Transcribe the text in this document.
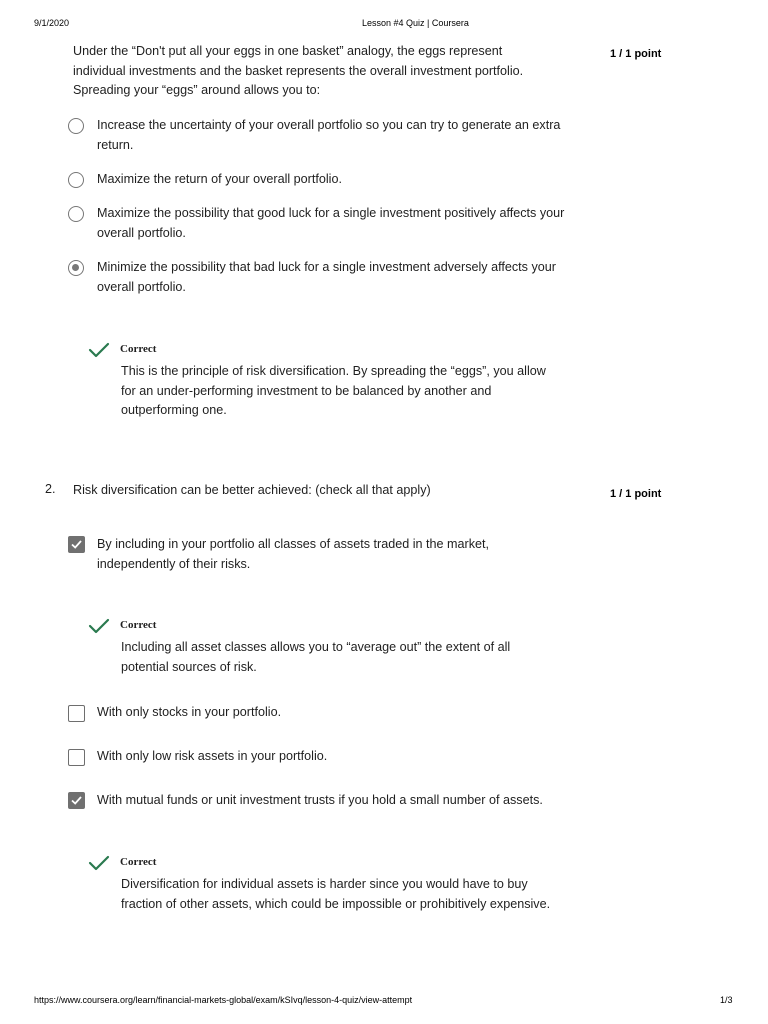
9/1/2020	Lesson #4 Quiz | Coursera
Under the “Don't put all your eggs in one basket” analogy, the eggs represent
individual investments and the basket represents the overall investment portfolio.
Spreading your “eggs” around allows you to:
1 / 1 point
Increase the uncertainty of your overall portfolio so you can try to generate an extra
return.
Maximize the return of your overall portfolio.
Maximize the possibility that good luck for a single investment positively affects your
overall portfolio.
Minimize the possibility that bad luck for a single investment adversely affects your
overall portfolio.
Correct
This is the principle of risk diversification. By spreading the “eggs”, you allow
for an under-performing investment to be balanced by another and
outperforming one.
2. Risk diversification can be better achieved: (check all that apply)	1 / 1 point
By including in your portfolio all classes of assets traded in the market,
independently of their risks.
Correct
Including all asset classes allows you to “average out” the extent of all
potential sources of risk.
With only stocks in your portfolio.
With only low risk assets in your portfolio.
With mutual funds or unit investment trusts if you hold a small number of assets.
Correct
Diversification for individual assets is harder since you would have to buy
fraction of other assets, which could be impossible or prohibitively expensive.
https://www.coursera.org/learn/financial-markets-global/exam/kSIvq/lesson-4-quiz/view-attempt	1/3
